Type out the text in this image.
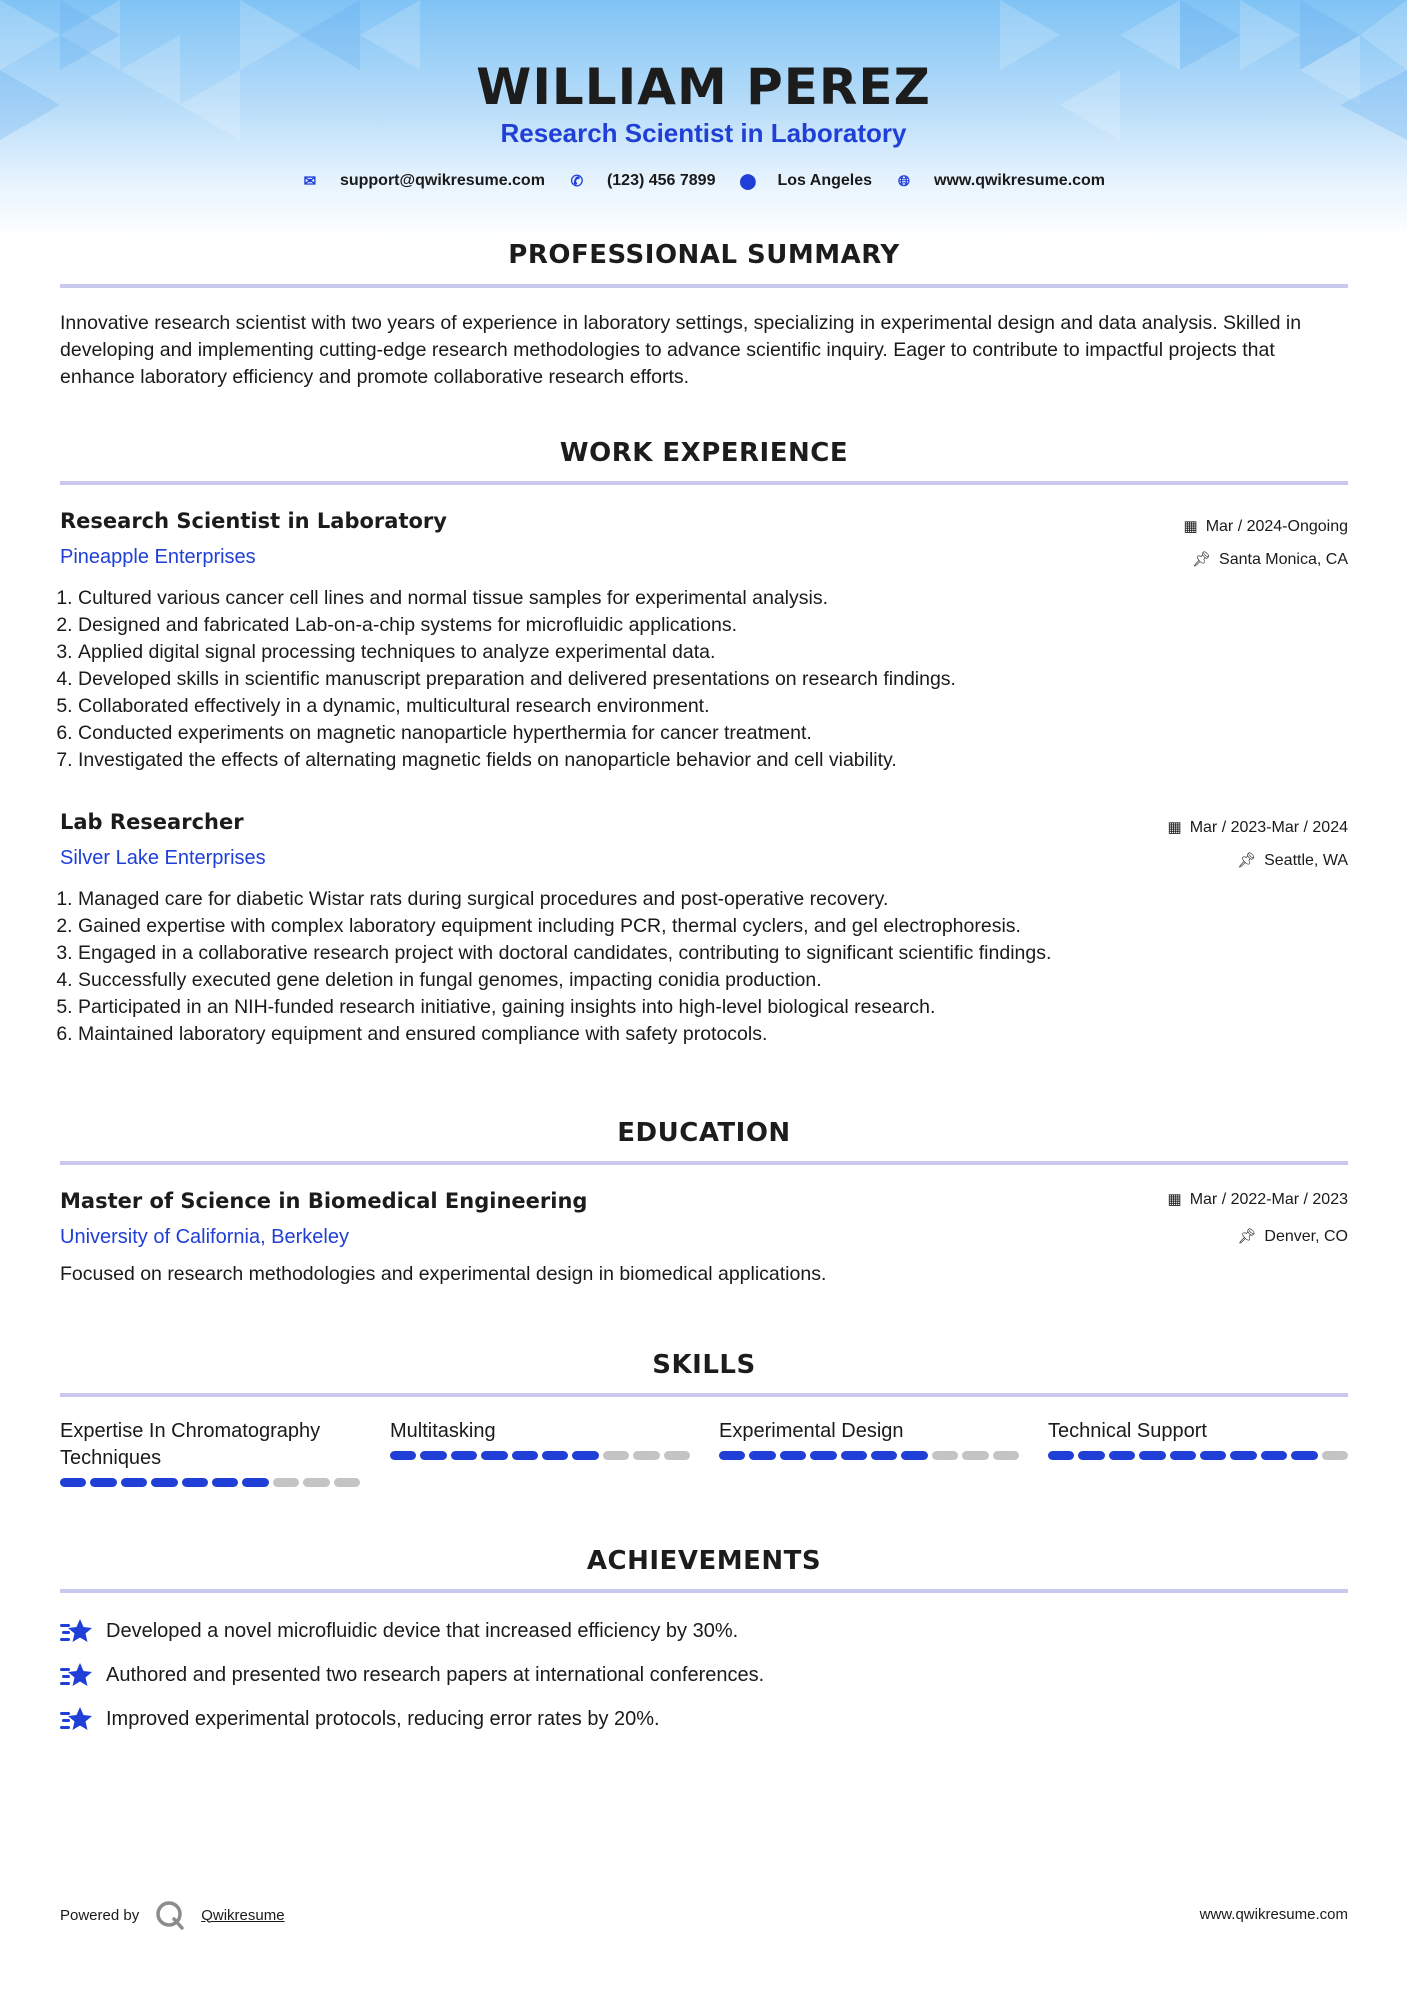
WILLIAM PEREZ
Research Scientist in Laboratory
✉ support@qwikresume.com ✆ (123) 456 7899 ⬤ Los Angeles 🌐︎ www.qwikresume.com
PROFESSIONAL SUMMARY
Innovative research scientist with two years of experience in laboratory settings, specializing in experimental design and data analysis. Skilled in developing and implementing cutting-edge research methodologies to advance scientific inquiry. Eager to contribute to impactful projects that enhance laboratory efficiency and promote collaborative research efforts.
WORK EXPERIENCE
Research Scientist in Laboratory	▦ Mar / 2024-Ongoing
Pineapple Enterprises	📌︎ Santa Monica, CA
1. Cultured various cancer cell lines and normal tissue samples for experimental analysis.
2. Designed and fabricated Lab-on-a-chip systems for microfluidic applications.
3. Applied digital signal processing techniques to analyze experimental data.
4. Developed skills in scientific manuscript preparation and delivered presentations on research findings.
5. Collaborated effectively in a dynamic, multicultural research environment.
6. Conducted experiments on magnetic nanoparticle hyperthermia for cancer treatment.
7. Investigated the effects of alternating magnetic fields on nanoparticle behavior and cell viability.
Lab Researcher	▦ Mar / 2023-Mar / 2024
Silver Lake Enterprises	📌︎ Seattle, WA
1. Managed care for diabetic Wistar rats during surgical procedures and post-operative recovery.
2. Gained expertise with complex laboratory equipment including PCR, thermal cyclers, and gel electrophoresis.
3. Engaged in a collaborative research project with doctoral candidates, contributing to significant scientific findings.
4. Successfully executed gene deletion in fungal genomes, impacting conidia production.
5. Participated in an NIH-funded research initiative, gaining insights into high-level biological research.
6. Maintained laboratory equipment and ensured compliance with safety protocols.
EDUCATION
Master of Science in Biomedical Engineering	▦ Mar / 2022-Mar / 2023
University of California, Berkeley	📌︎ Denver, CO
Focused on research methodologies and experimental design in biomedical applications.
SKILLS
Expertise In Chromatography Techniques
Multitasking	Experimental Design	Technical Support
ACHIEVEMENTS
Developed a novel microfluidic device that increased efficiency by 30%.
Authored and presented two research papers at international conferences.
Improved experimental protocols, reducing error rates by 20%.
Powered by	Qwikresume	www.qwikresume.com
